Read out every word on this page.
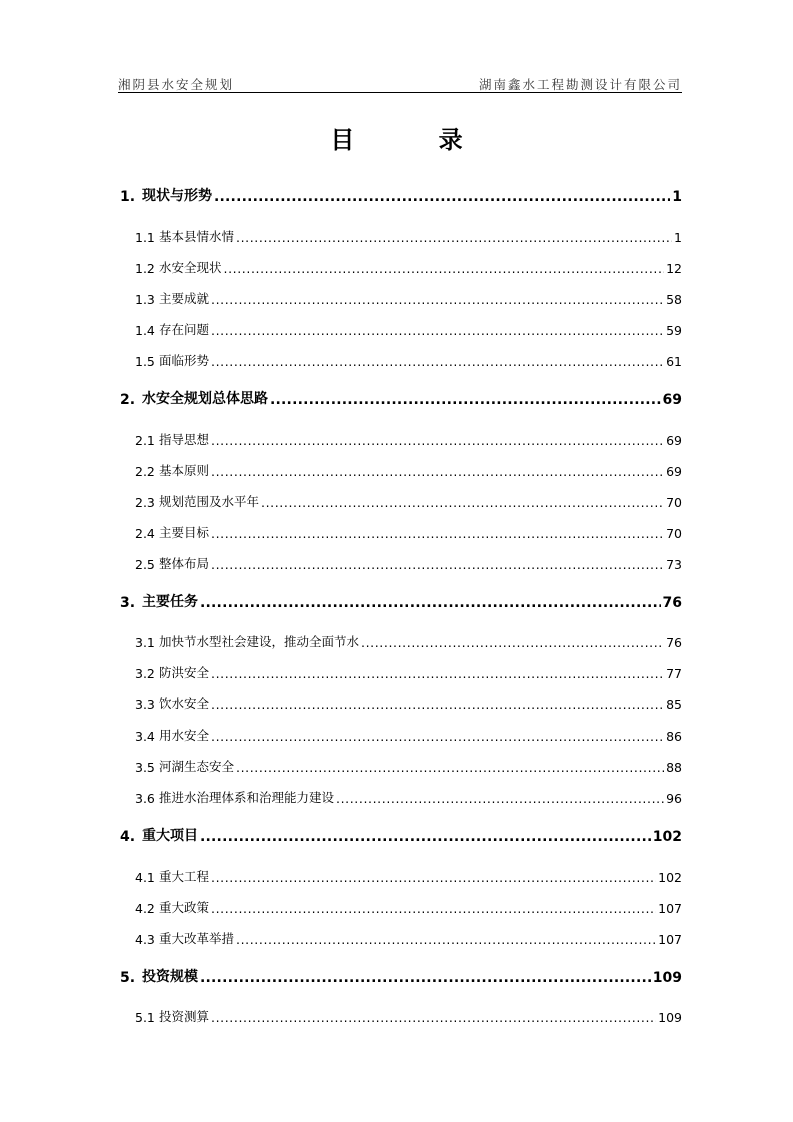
湘阴县水安全规划	湖南鑫水工程勘测设计有限公司
目 录
1. 现状与形势 .....	1
1.1 基本县情水情 .....	1
1.2 水安全现状 .....	12
1.3 主要成就 .....	58
1.4 存在问题 .....	59
1.5 面临形势 .....	61
2. 水安全规划总体思路 .....	69
2.1 指导思想 .....	69
2.2 基本原则 .....	69
2.3 规划范围及水平年 .....	70
2.4 主要目标 .....	70
2.5 整体布局 .....	73
3. 主要任务 .....	76
3.1 加快节水型社会建设，推动全面节水 .....	76
3.2 防洪安全 .....	77
3.3 饮水安全 .....	85
3.4 用水安全 .....	86
3.5 河湖生态安全 .....	88
3.6 推进水治理体系和治理能力建设 .....	96
4. 重大项目 .....	102
4.1 重大工程 .....	102
4.2 重大政策 .....	107
4.3 重大改革举措 .....	107
5. 投资规模 .....	109
5.1 投资测算 .....	109
